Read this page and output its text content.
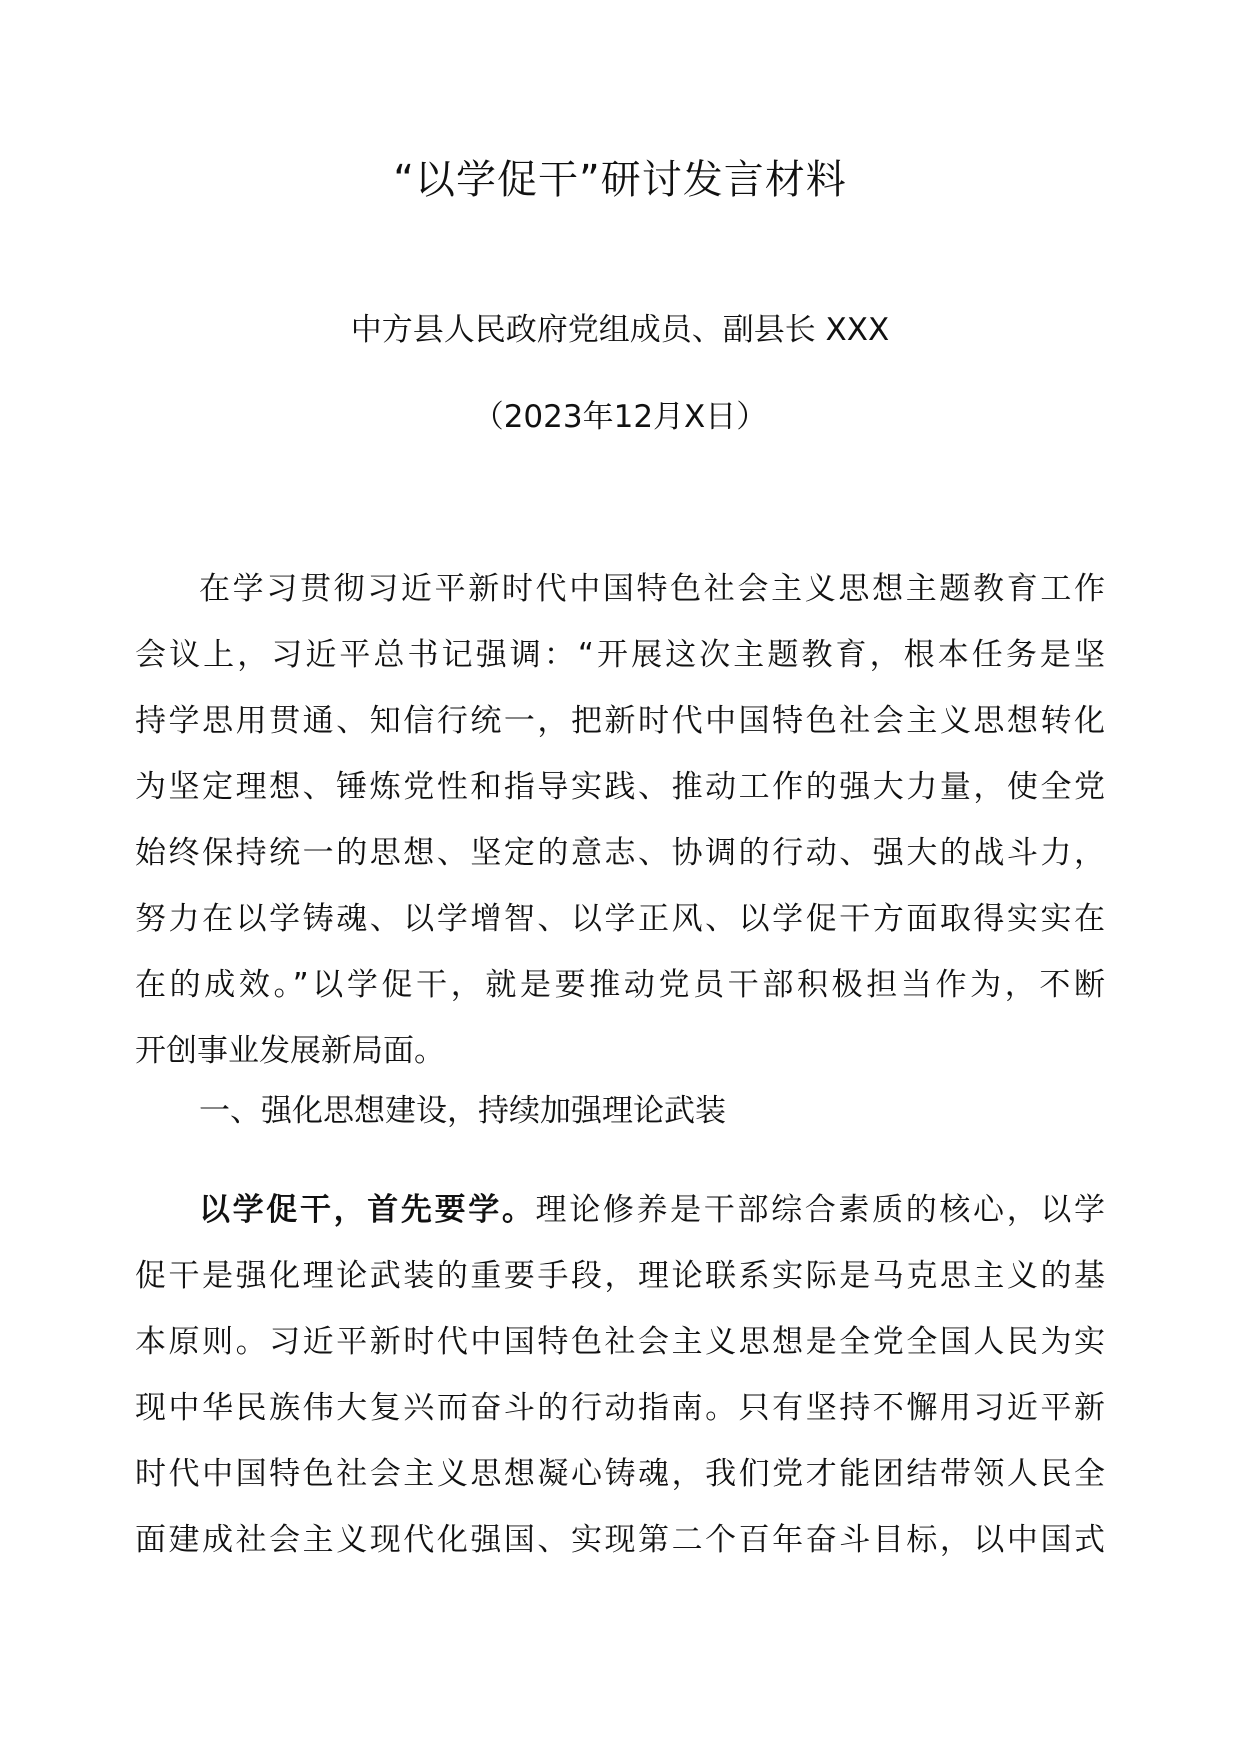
“以学促干”研讨发言材料
中方县人民政府党组成员、副县长 XXX
（2023年12月X日）
在学习贯彻习近平新时代中国特色社会主义思想主题教育工作
会议上，习近平总书记强调：“开展这次主题教育，根本任务是坚
持学思用贯通、知信行统一，把新时代中国特色社会主义思想转化
为坚定理想、锤炼党性和指导实践、推动工作的强大力量，使全党
始终保持统一的思想、坚定的意志、协调的行动、强大的战斗力，
努力在以学铸魂、以学增智、以学正风、以学促干方面取得实实在
在的成效。”以学促干，就是要推动党员干部积极担当作为，不断
开创事业发展新局面。
一、强化思想建设，持续加强理论武装
以学促干，首先要学。理论修养是干部综合素质的核心，以学
促干是强化理论武装的重要手段，理论联系实际是马克思主义的基
本原则。习近平新时代中国特色社会主义思想是全党全国人民为实
现中华民族伟大复兴而奋斗的行动指南。只有坚持不懈用习近平新
时代中国特色社会主义思想凝心铸魂，我们党才能团结带领人民全
面建成社会主义现代化强国、实现第二个百年奋斗目标，以中国式
